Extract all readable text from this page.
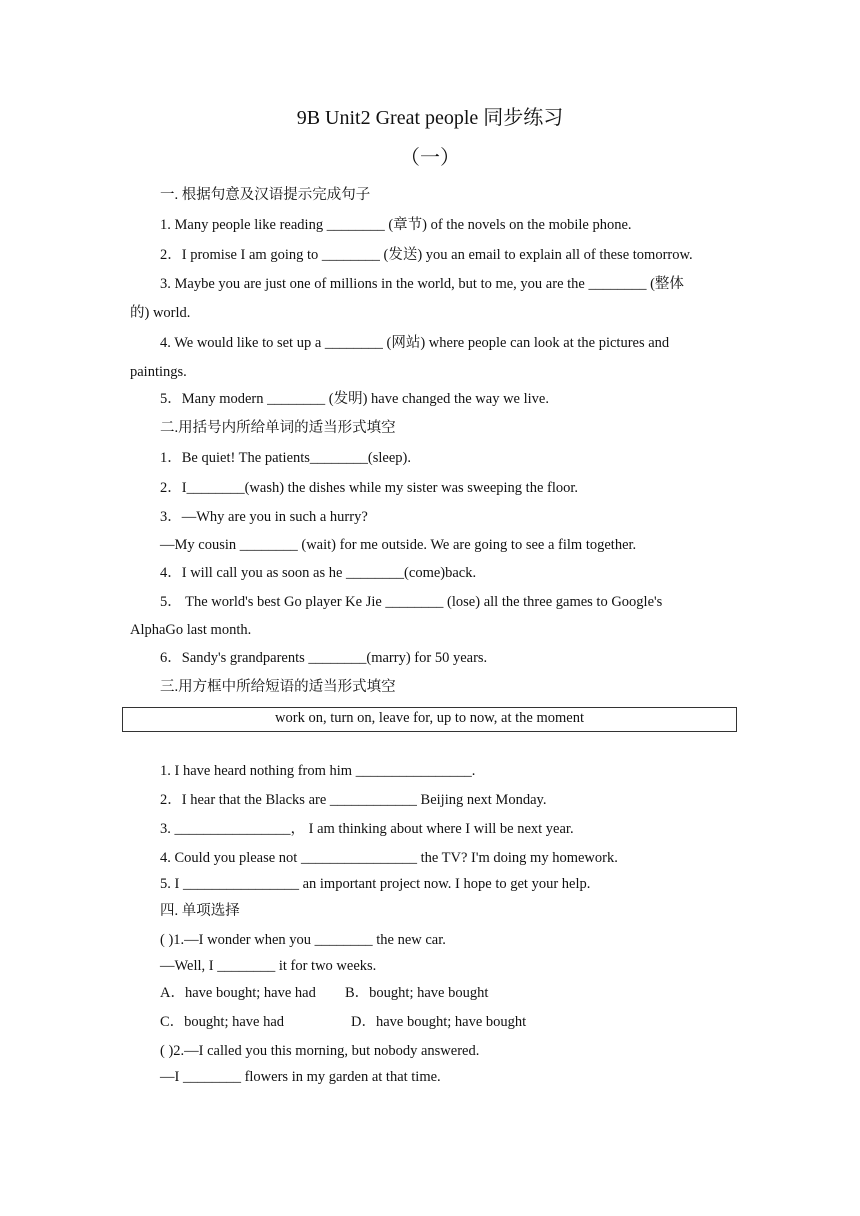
9B Unit2 Great people 同步练习
（一）
一. 根据句意及汉语提示完成句子
1. Many people like reading ________ (章节) of the novels on the mobile phone.
2．I promise I am going to ________ (发送) you an email to explain all of these tomorrow.
3. Maybe you are just one of millions in the world, but to me, you are the ________ (整体
的) world.
4. We would like to set up a ________ (网站) where people can look at the pictures and
paintings.
5．Many modern ________ (发明) have changed the way we live.
二.用括号内所给单词的适当形式填空
1．Be quiet! The patients________(sleep).
2．I________(wash) the dishes while my sister was sweeping the floor.
3．—Why are you in such a hurry?
—My cousin ________ (wait) for me outside. We are going to see a film together.
4．I will call you as soon as he ________(come)back.
5． The world's best Go player Ke Jie ________ (lose) all the three games to Google's
AlphaGo last month.
6．Sandy's grandparents ________(marry) for 50 years.
三.用方框中所给短语的适当形式填空
work on, turn on, leave for, up to now, at the moment
1. I have heard nothing from him ________________.
2．I hear that the Blacks are ____________ Beijing next Monday.
3. ________________， I am thinking about where I will be next year.
4. Could you please not ________________ the TV? I'm doing my homework.
5. I ________________ an important project now. I hope to get your help.
四. 单项选择
( )1.—I wonder when you ________ the new car.
—Well, I ________ it for two weeks.
A．have bought; have had B．bought; have bought
C．bought; have had	D．have bought; have bought
( )2.—I called you this morning, but nobody answered.
—I ________ flowers in my garden at that time.
